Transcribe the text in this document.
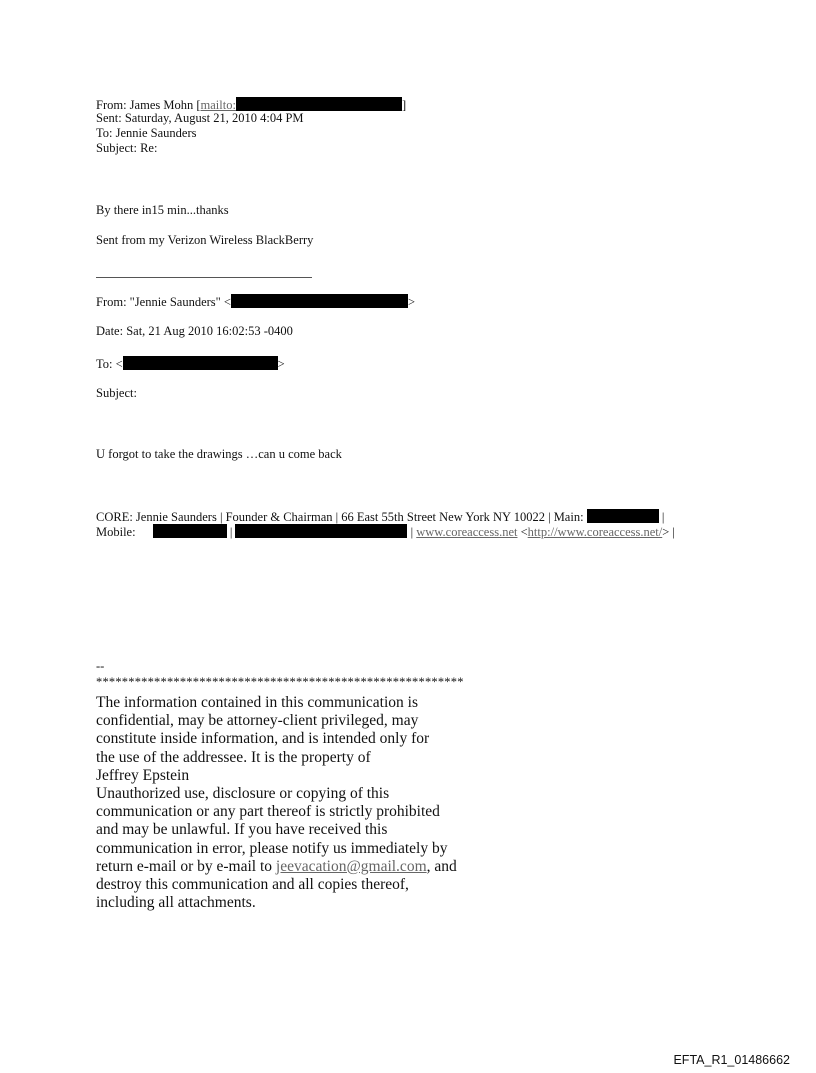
From: James Mohn [mailto:	]
Sent: Saturday, August 21, 2010 4:04 PM
To: Jennie Saunders
Subject: Re:
By there in15 min...thanks
Sent from my Verizon Wireless BlackBerry
From: "Jennie Saunders" <	>
Date: Sat, 21 Aug 2010 16:02:53 -0400
To: <	>
Subject:
U forgot to take the drawings …can u come back
CORE: Jennie Saunders | Founder & Chairman | 66 East 55th Street New York NY 10022 | Main:	|
Mobile:	|	| www.coreaccess.net <http://www.coreaccess.net/> |
--
*********************************************************
The information contained in this communication is
confidential, may be attorney-client privileged, may
constitute inside information, and is intended only for
the use of the addressee. It is the property of
Jeffrey Epstein
Unauthorized use, disclosure or copying of this
communication or any part thereof is strictly prohibited
and may be unlawful. If you have received this
communication in error, please notify us immediately by
return e-mail or by e-mail to jeevacation@gmail.com, and
destroy this communication and all copies thereof,
including all attachments.
EFTA_R1_01486662
